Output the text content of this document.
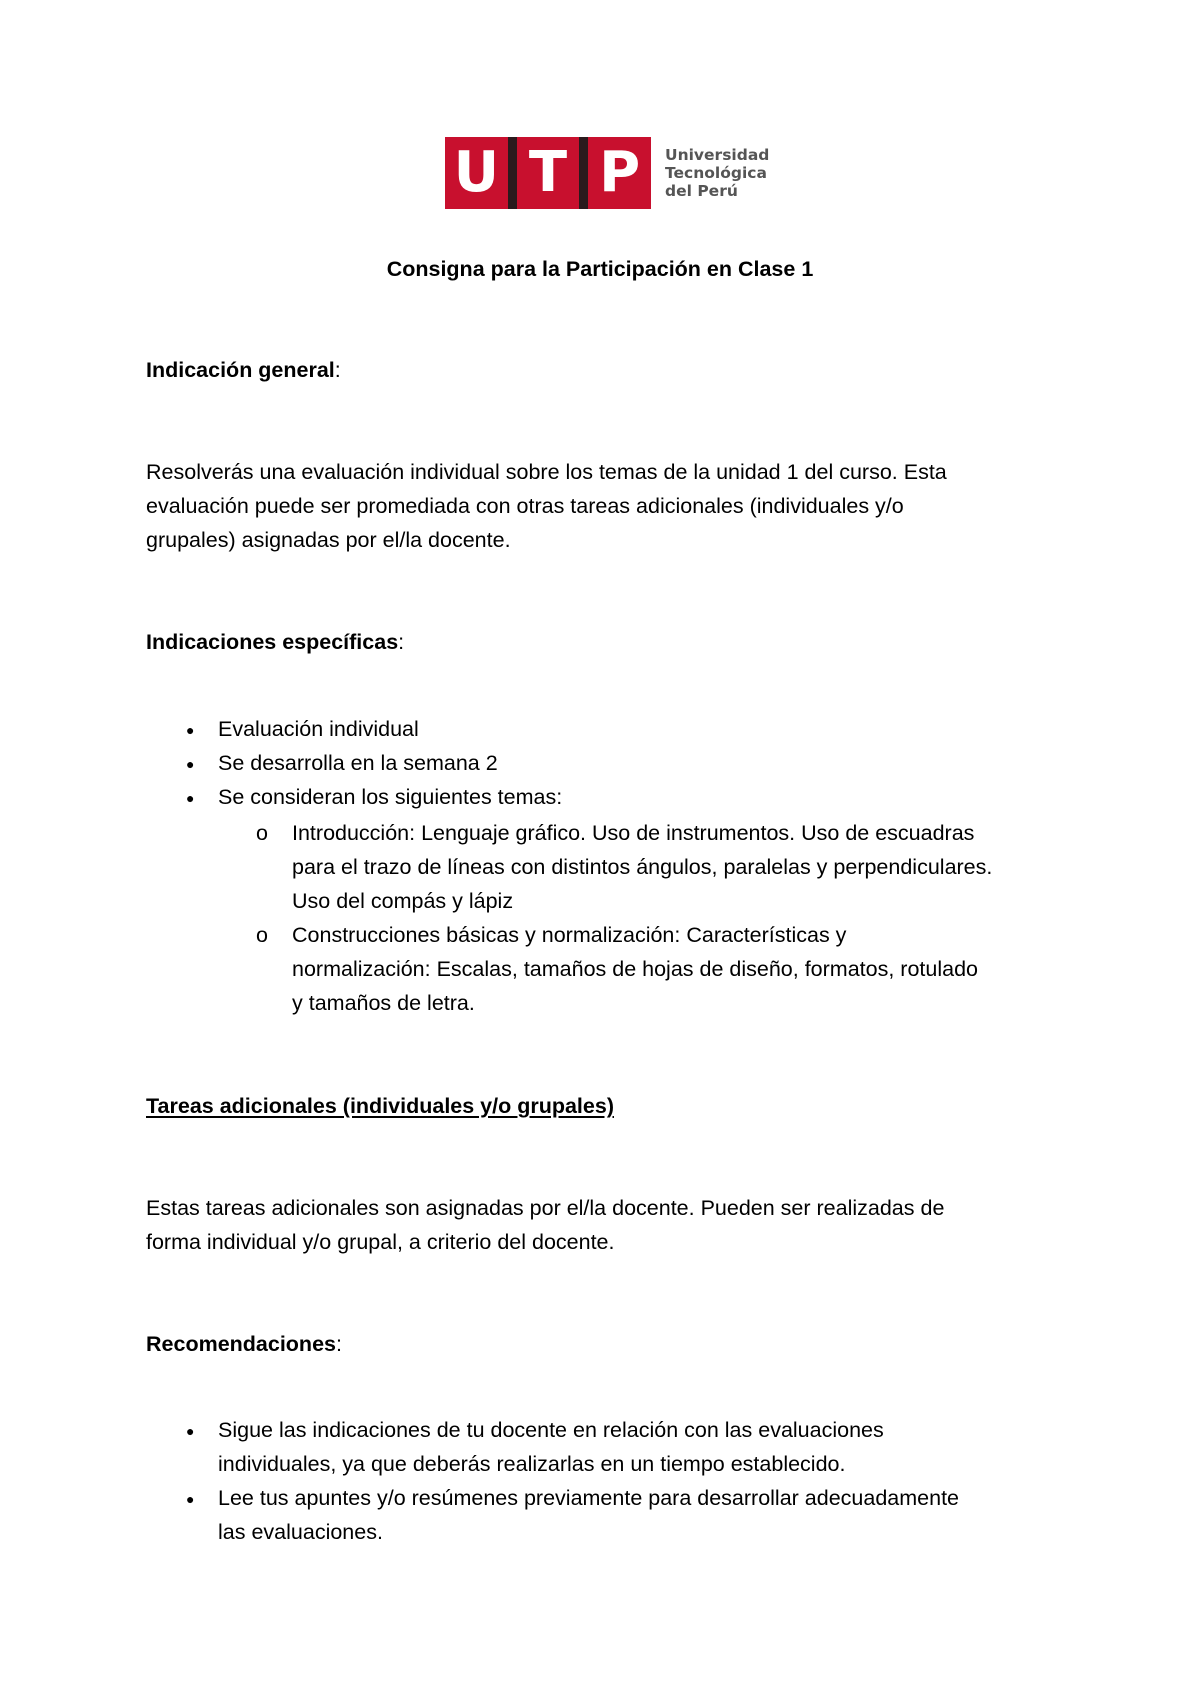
U T P	Universidad
Tecnológica
del Perú
Consigna para la Participación en Clase 1
Indicación general:
Resolverás una evaluación individual sobre los temas de la unidad 1 del curso. Esta
evaluación puede ser promediada con otras tareas adicionales (individuales y/o
grupales) asignadas por el/la docente.
Indicaciones específicas:
● Evaluación individual
● Se desarrolla en la semana 2
● Se consideran los siguientes temas:
o Introducción: Lenguaje gráfico. Uso de instrumentos. Uso de escuadras
para el trazo de líneas con distintos ángulos, paralelas y perpendiculares.
Uso del compás y lápiz
o Construcciones básicas y normalización: Características y
normalización: Escalas, tamaños de hojas de diseño, formatos, rotulado
y tamaños de letra.
Tareas adicionales (individuales y/o grupales)
Estas tareas adicionales son asignadas por el/la docente. Pueden ser realizadas de
forma individual y/o grupal, a criterio del docente.
Recomendaciones:
● Sigue las indicaciones de tu docente en relación con las evaluaciones
individuales, ya que deberás realizarlas en un tiempo establecido.
● Lee tus apuntes y/o resúmenes previamente para desarrollar adecuadamente
las evaluaciones.
